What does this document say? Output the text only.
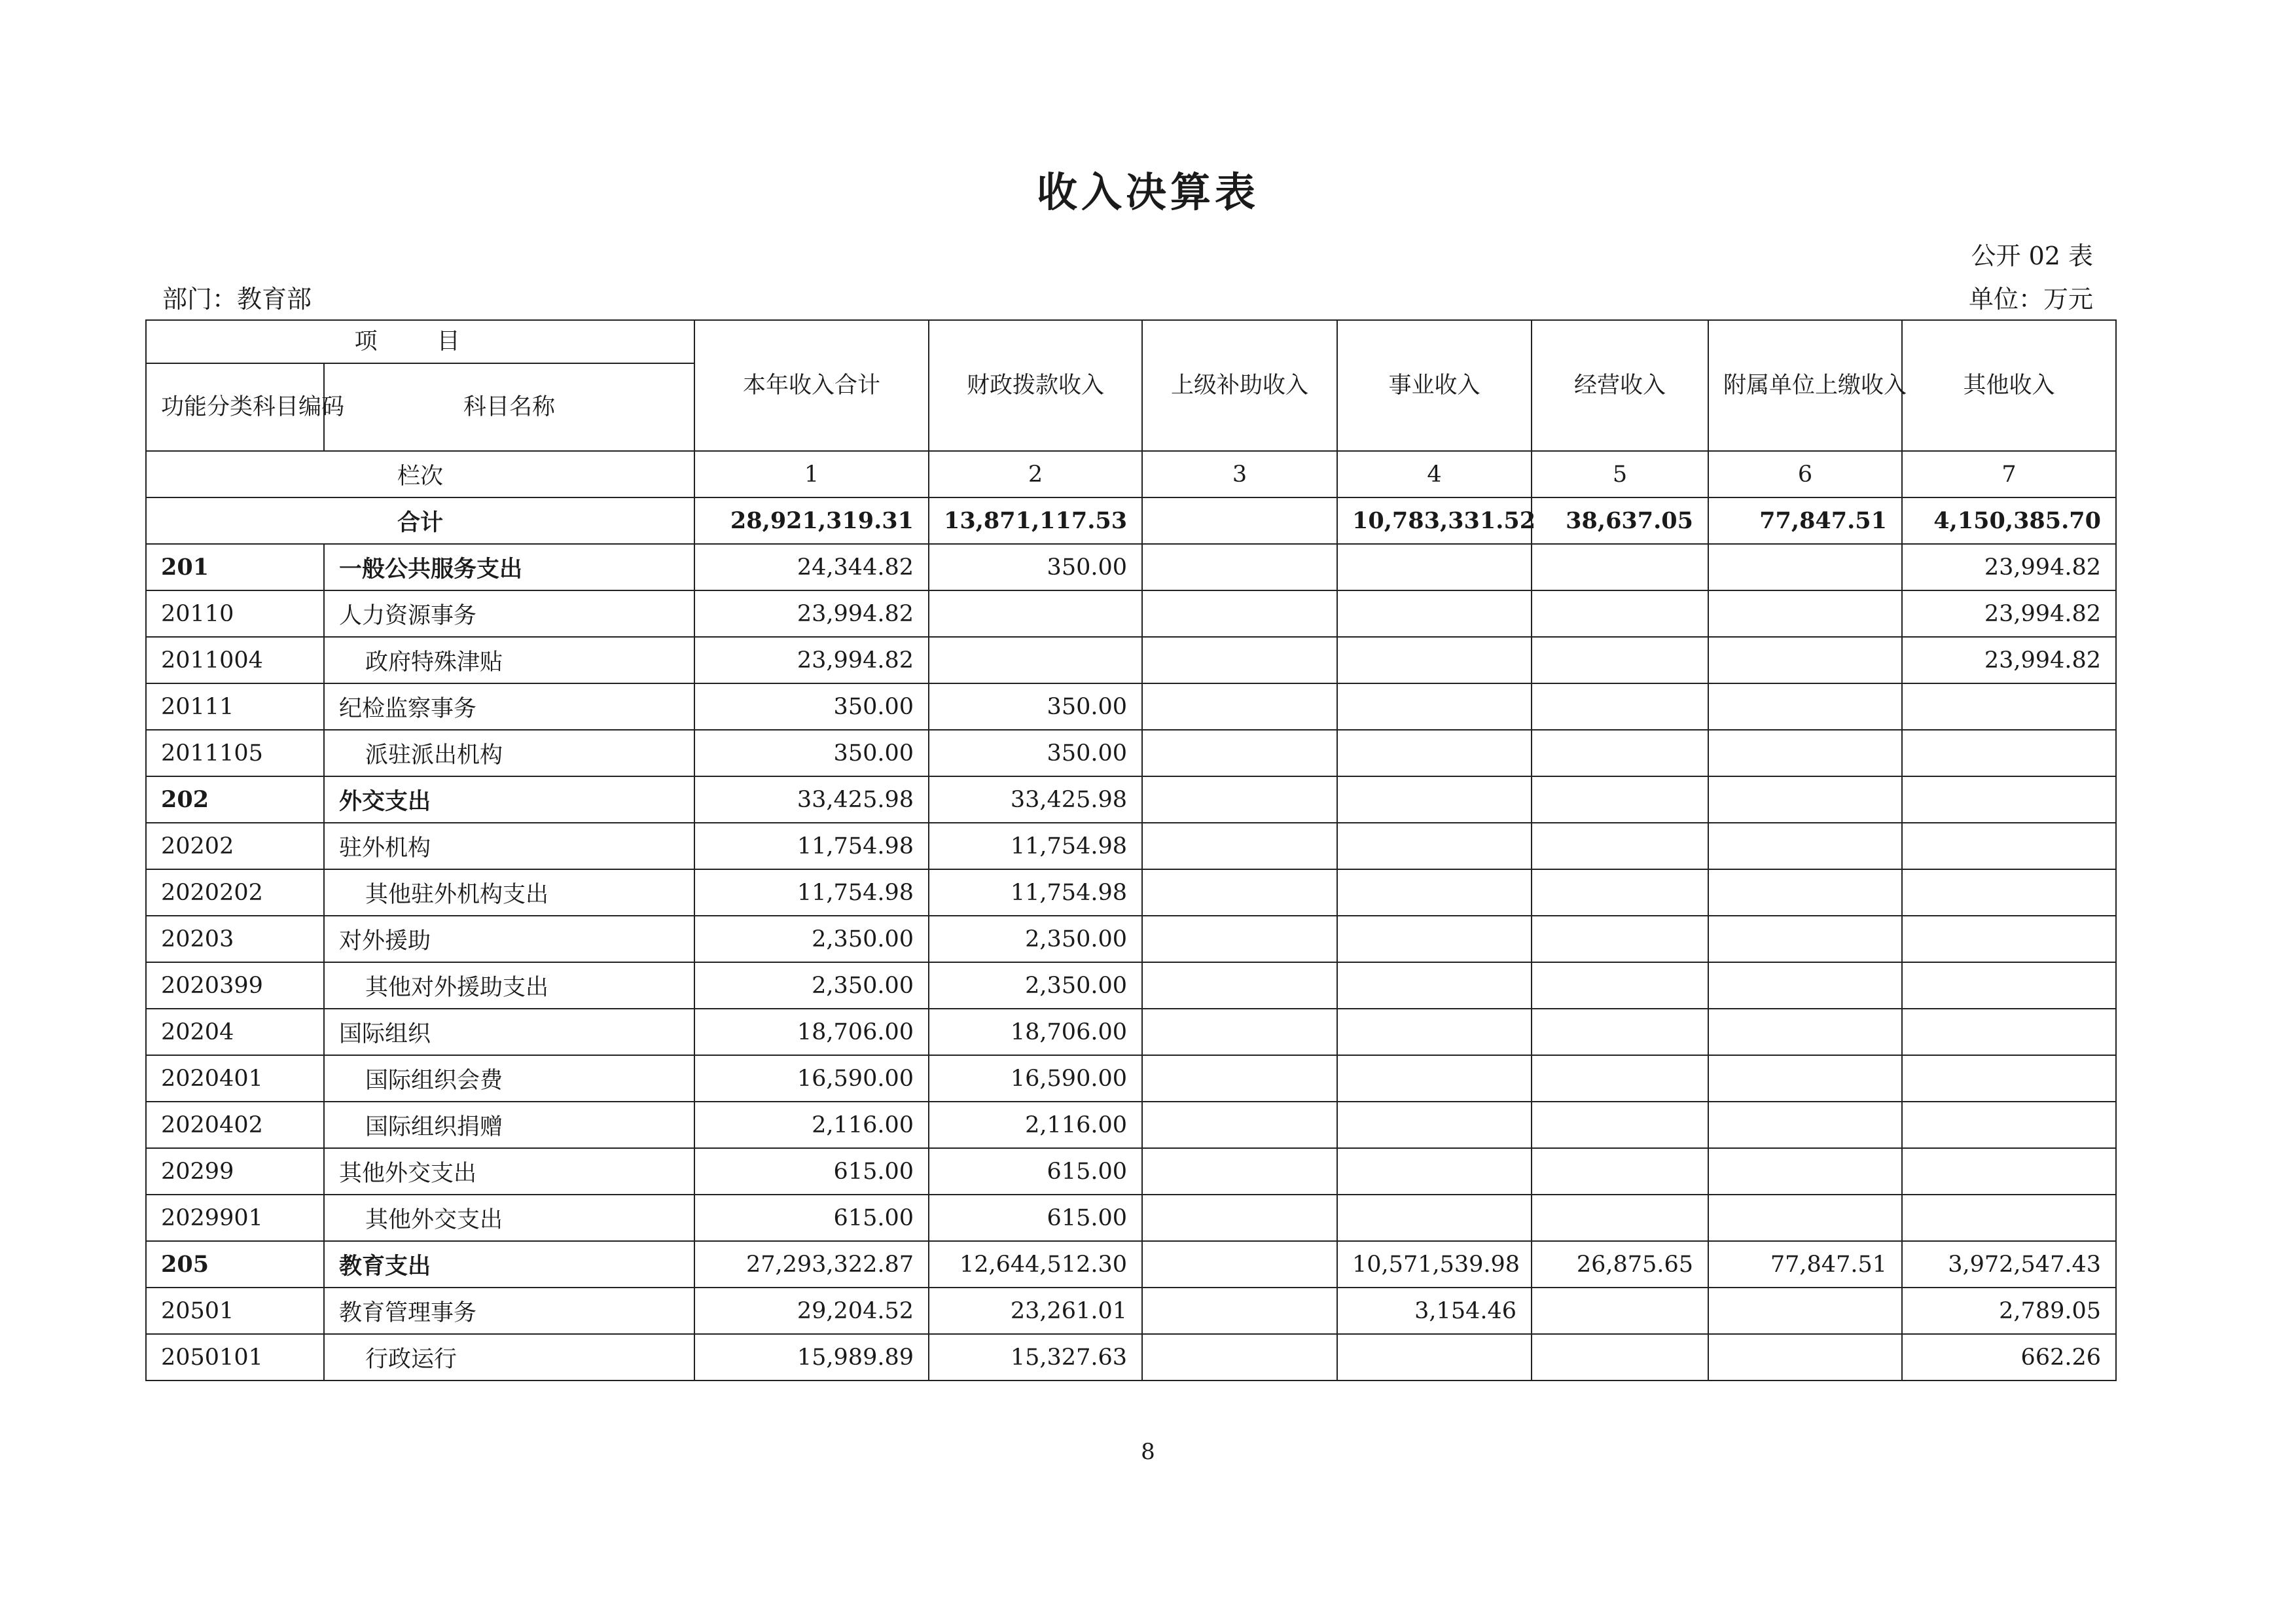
收入决算表
公开 02 表
部门：教育部	单位：万元
项 目		本年收入合计	财政拨款收入	上级补助收入	事业收入	经营收入	附属单位上缴收入	其他收入
功能分类科目编码	科目名称							
栏次		1	2	3	4	5	6	7
合计		28,921,319.31	13,871,117.53		10,783,331.52	38,637.05	77,847.51	4,150,385.70
201	一般公共服务支出	24,344.82	350.00					23,994.82
20110	人力资源事务	23,994.82						23,994.82
2011004	政府特殊津贴	23,994.82						23,994.82
20111	纪检监察事务	350.00	350.00					
2011105	派驻派出机构	350.00	350.00					
202	外交支出	33,425.98	33,425.98					
20202	驻外机构	11,754.98	11,754.98					
2020202	其他驻外机构支出	11,754.98	11,754.98					
20203	对外援助	2,350.00	2,350.00					
2020399	其他对外援助支出	2,350.00	2,350.00					
20204	国际组织	18,706.00	18,706.00					
2020401	国际组织会费	16,590.00	16,590.00					
2020402	国际组织捐赠	2,116.00	2,116.00					
20299	其他外交支出	615.00	615.00					
2029901	其他外交支出	615.00	615.00					
205	教育支出	27,293,322.87	12,644,512.30		10,571,539.98	26,875.65	77,847.51	3,972,547.43
20501	教育管理事务	29,204.52	23,261.01		3,154.46			2,789.05
2050101	行政运行	15,989.89	15,327.63					662.26
8
